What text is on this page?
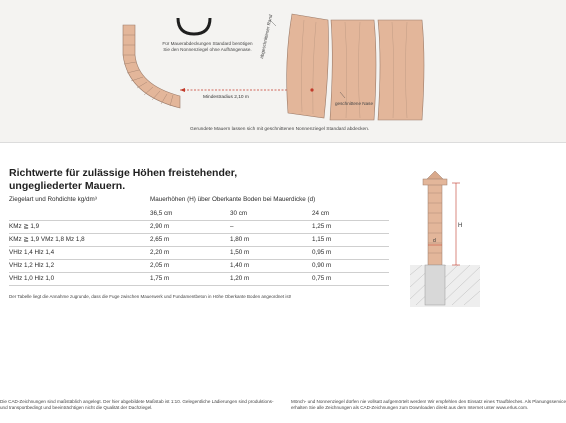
Für Mauerabdeckungen Standard benötigen Sie den Nonnenziegel ohne Aufhängenase.	abgeschnittener Rand
Mindestradius 2,10 m
geschnittene Nase
Gerundete Mauern lassen sich mit geschnittenen Nonnenziegel Standard abdecken.
Richtwerte für zulässige Höhen freistehender,
ungegliederter Mauern.
Ziegelart und Rohdichte kg/dm³	Mauerhöhen (H) über Oberkante Boden bei Mauerdicke (d)
36,5 cm	30 cm	24 cm
KMz ≧ 1,9	2,90 m	–	1,25 m
KMz ≧ 1,9 VMz 1,8 Mz 1,8	2,65 m	1,80 m	1,15 m
VHlz 1,4 Hlz 1,4	2,20 m	1,50 m	0,95 m
VHlz 1,2 Hlz 1,2	2,05 m	1,40 m	0,90 m
VHlz 1,0 Hlz 1,0	1,75 m	1,20 m	0,75 m
Der Tabelle liegt die Annahme zugrunde, dass die Fuge zwischen Mauerwerk und Fundamentbeton in Höhe Oberkante Boden angeordnet ist!
H
d
Die CAD-Zeichnungen sind maßstäblich angelegt. Der hier abgebildete Maßstab ist 1:10. Gelegentliche Lädierungen sind produktions- und transportbedingt und beeinträchtigen nicht die Qualität der Dachziegel.
Mönch- und Nonnenziegel dürfen nie vollsatt aufgemörtelt werden! Wir empfehlen den Einsatz eines Traufbleches. Als Planungsservice erhalten Sie alle Zeichnungen als CAD-Zeichnungen zum Downloaden direkt aus dem Internet unter www.erlus.com.
